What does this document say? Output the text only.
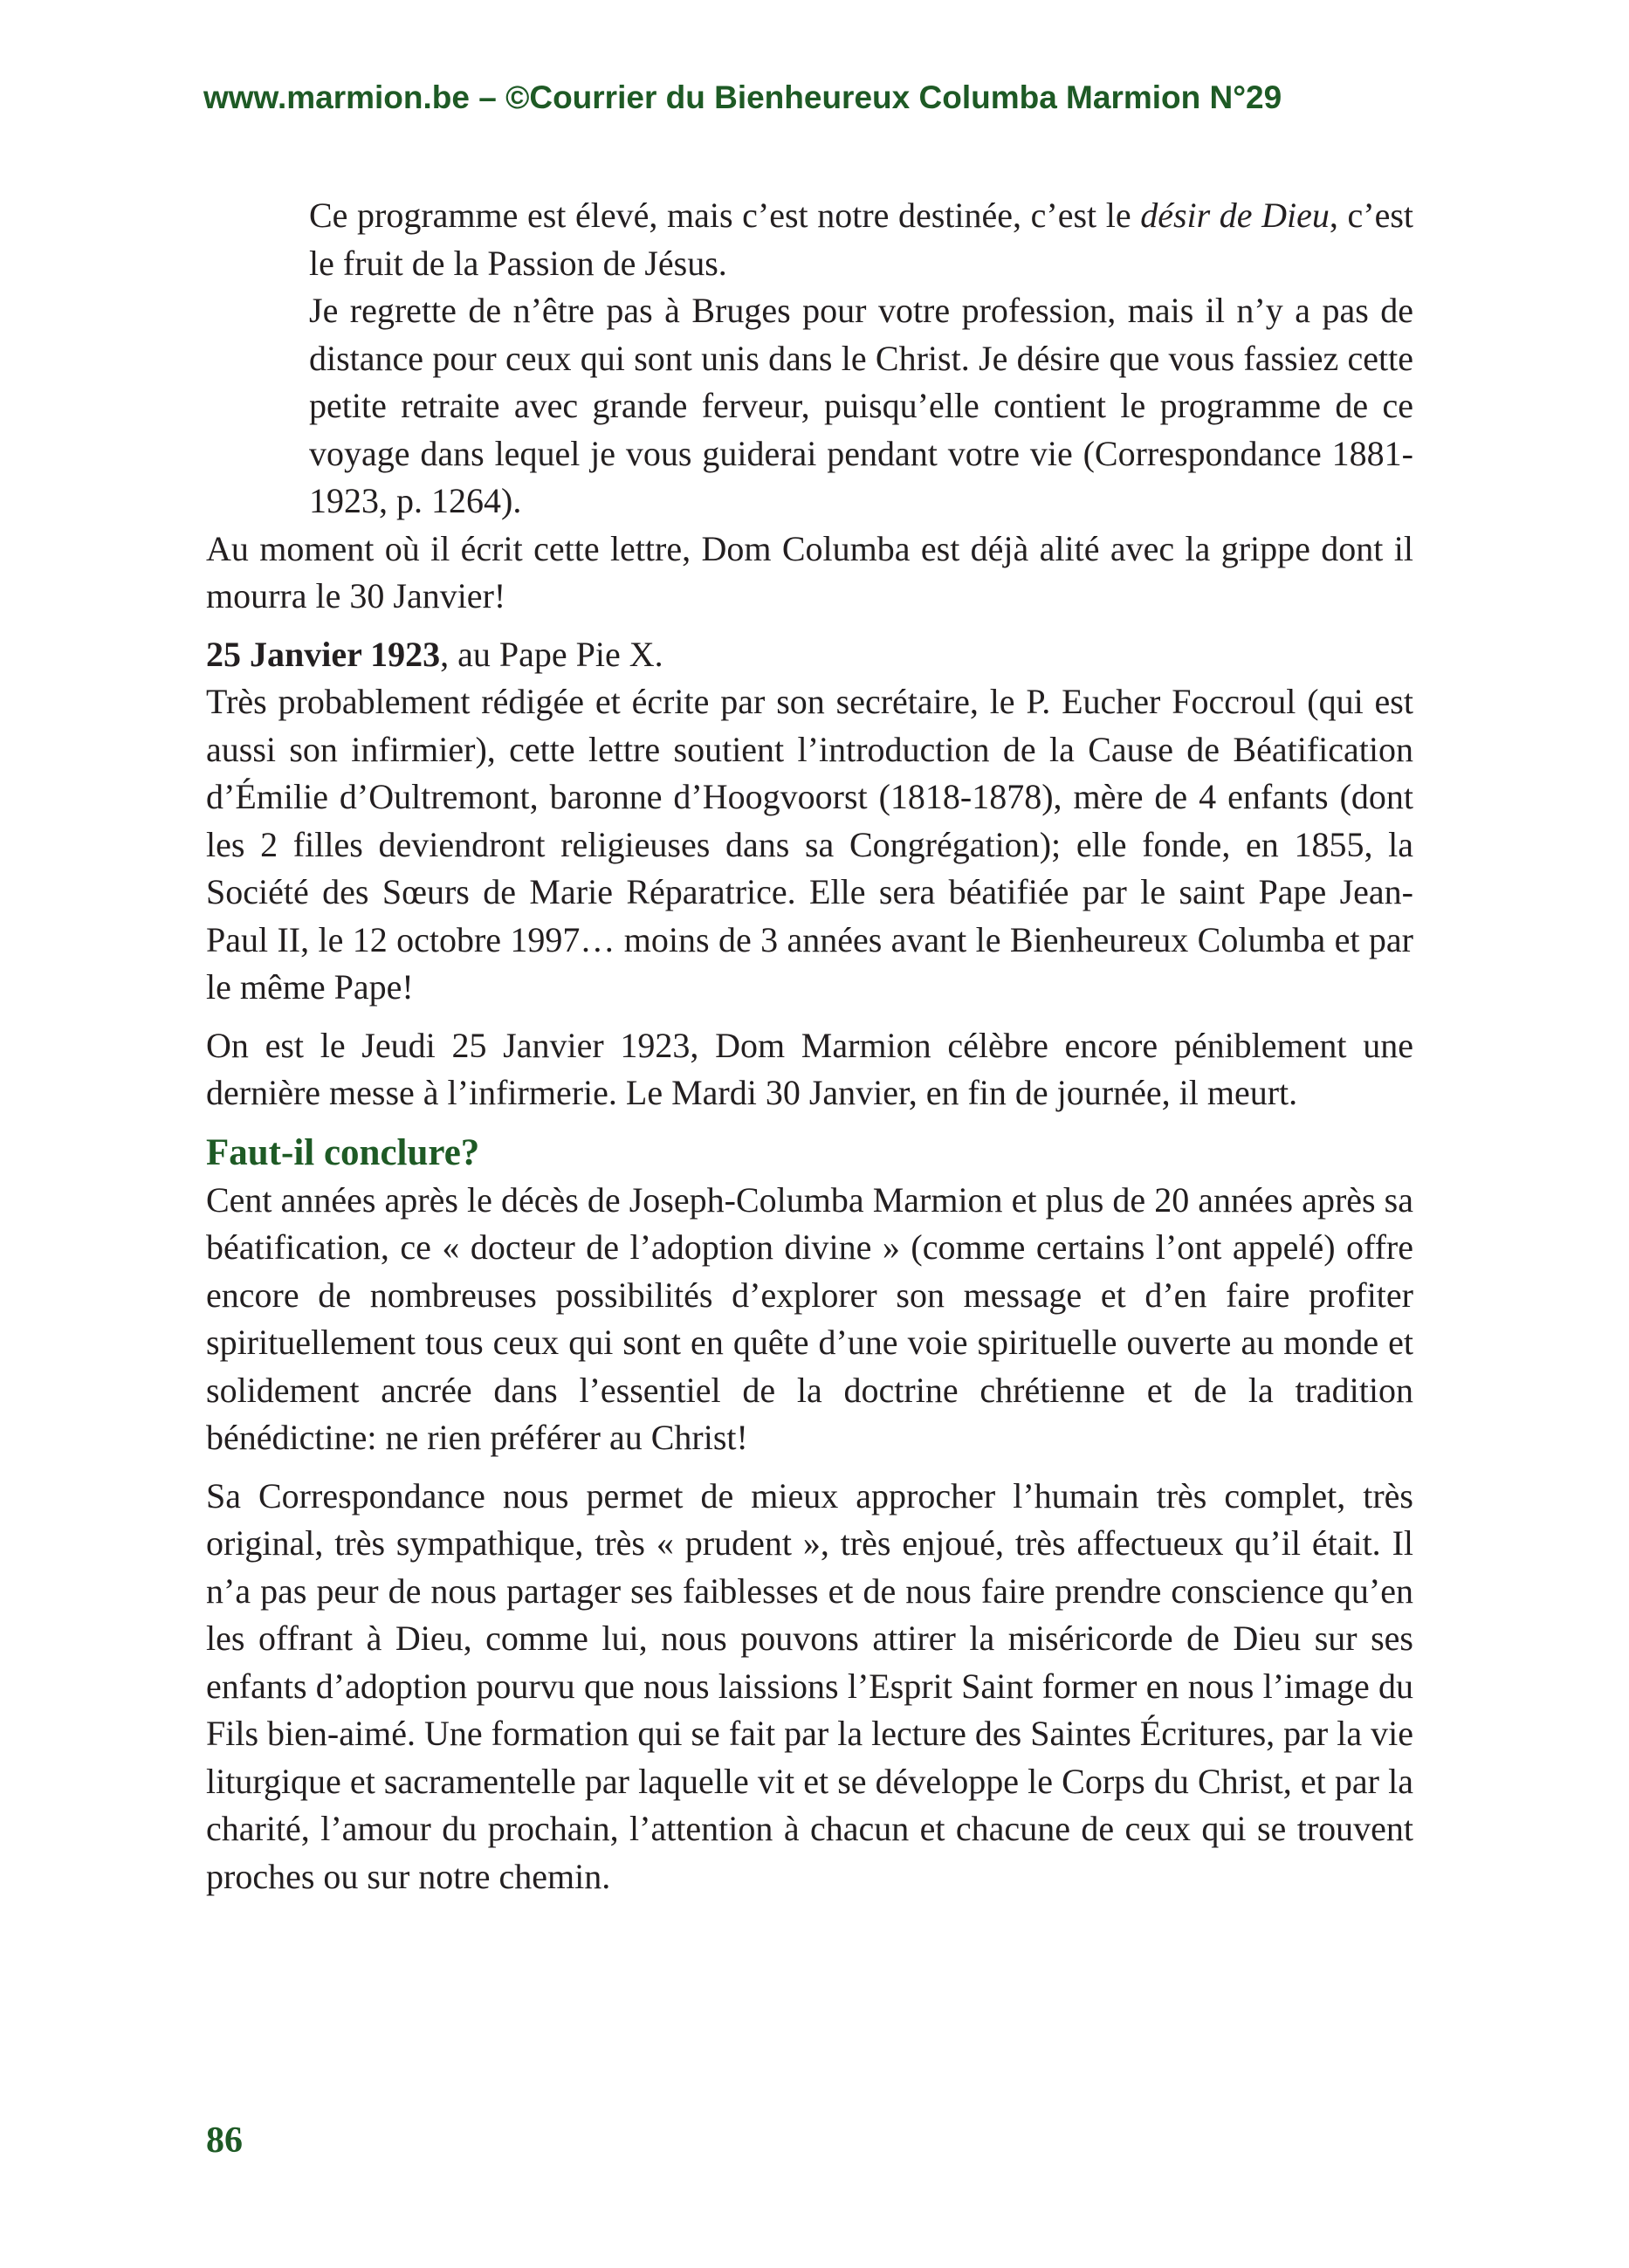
www.marmion.be – ©Courrier du Bienheureux Columba Marmion N°29

Ce programme est élevé, mais c’est notre destinée, c’est le désir de Dieu, c’est le fruit de la Passion de Jésus.

Je regrette de n’être pas à Bruges pour votre profession, mais il n’y a pas de distance pour ceux qui sont unis dans le Christ. Je désire que vous fassiez cette petite retraite avec grande ferveur, puisqu’elle contient le programme de ce voyage dans lequel je vous guiderai pendant votre vie (Correspondance 1881-1923, p. 1264).

Au moment où il écrit cette lettre, Dom Columba est déjà alité avec la grippe dont il mourra le 30 Janvier!

25 Janvier 1923, au Pape Pie X.

Très probablement rédigée et écrite par son secrétaire, le P. Eucher Foccroul (qui est aussi son infirmier), cette lettre soutient l’introduction de la Cause de Béatification d’Émilie d’Oultremont, baronne d’Hoogvoorst (1818-1878), mère de 4 enfants (dont les 2 filles deviendront religieuses dans sa Congrégation); elle fonde, en 1855, la Société des Sœurs de Marie Réparatrice. Elle sera béatifiée par le saint Pape Jean-Paul II, le 12 octobre 1997… moins de 3 années avant le Bienheureux Columba et par le même Pape!

On est le Jeudi 25 Janvier 1923, Dom Marmion célèbre encore péniblement une dernière messe à l’infirmerie. Le Mardi 30 Janvier, en fin de journée, il meurt.

Faut-il conclure?

Cent années après le décès de Joseph-Columba Marmion et plus de 20 années après sa béatification, ce « docteur de l’adoption divine » (comme certains l’ont appelé) offre encore de nombreuses possibilités d’explorer son message et d’en faire profiter spirituellement tous ceux qui sont en quête d’une voie spirituelle ouverte au monde et solidement ancrée dans l’essentiel de la doctrine chrétienne et de la tradition bénédictine: ne rien préférer au Christ!

Sa Correspondance nous permet de mieux approcher l’humain très complet, très original, très sympathique, très « prudent », très enjoué, très affectueux qu’il était. Il n’a pas peur de nous partager ses faiblesses et de nous faire prendre conscience qu’en les offrant à Dieu, comme lui, nous pouvons attirer la miséricorde de Dieu sur ses enfants d’adoption pourvu que nous laissions l’Esprit Saint former en nous l’image du Fils bien-aimé. Une formation qui se fait par la lecture des Saintes Écritures, par la vie liturgique et sacramentelle par laquelle vit et se développe le Corps du Christ, et par la charité, l’amour du prochain, l’attention à chacun et chacune de ceux qui se trouvent proches ou sur notre chemin.

86
